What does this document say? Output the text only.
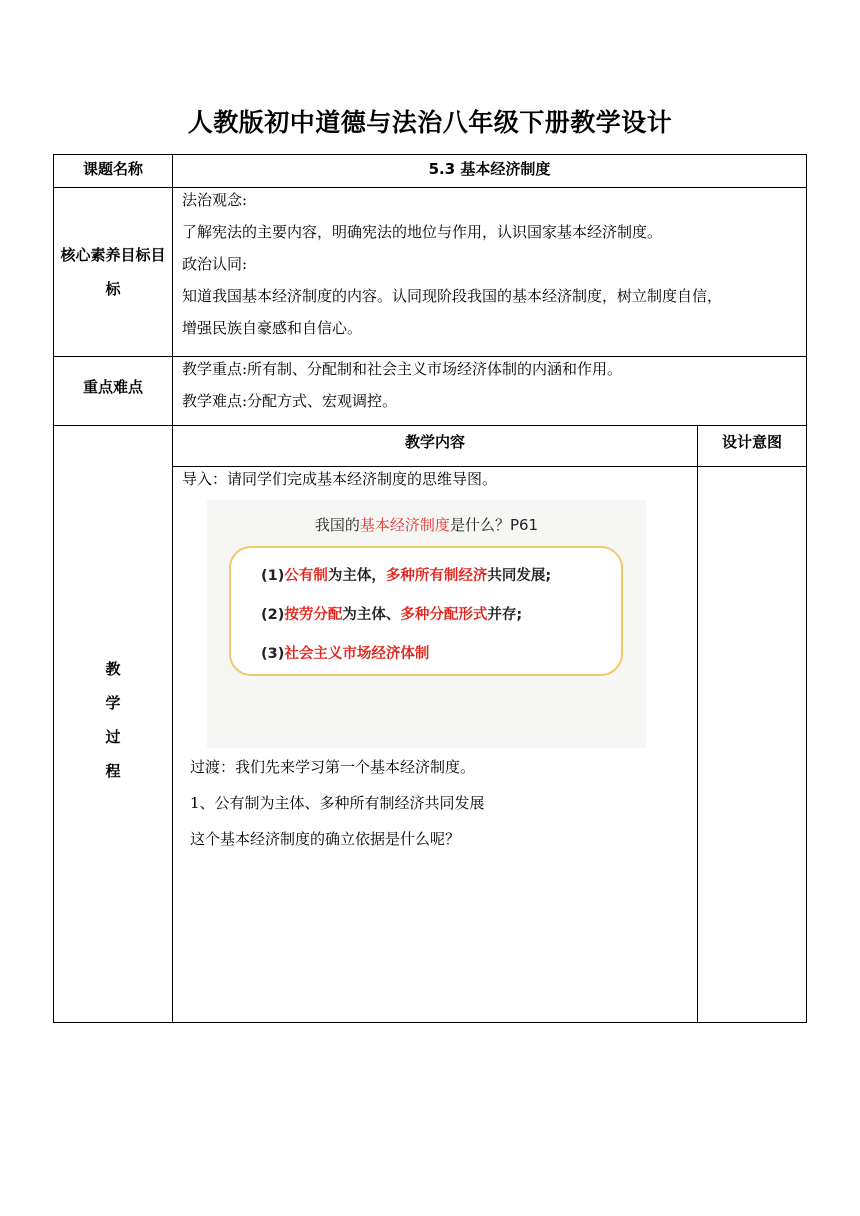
人教版初中道德与法治八年级下册教学设计
课题名称	5.3 基本经济制度
核心素养目标目标
法治观念:
了解宪法的主要内容，明确宪法的地位与作用，认识国家基本经济制度。
政治认同:
知道我国基本经济制度的内容。认同现阶段我国的基本经济制度，树立制度自信，
增强民族自豪感和自信心。
重点难点
教学重点:所有制、分配制和社会主义市场经济体制的内涵和作用。
教学难点:分配方式、宏观调控。
教
学
过
程
教学内容	设计意图
导入：请同学们完成基本经济制度的思维导图。
我国的基本经济制度是什么？P61
(1)公有制为主体，多种所有制经济共同发展;
(2)按劳分配为主体、多种分配形式并存;
(3)社会主义市场经济体制
过渡：我们先来学习第一个基本经济制度。
1、公有制为主体、多种所有制经济共同发展
这个基本经济制度的确立依据是什么呢？
